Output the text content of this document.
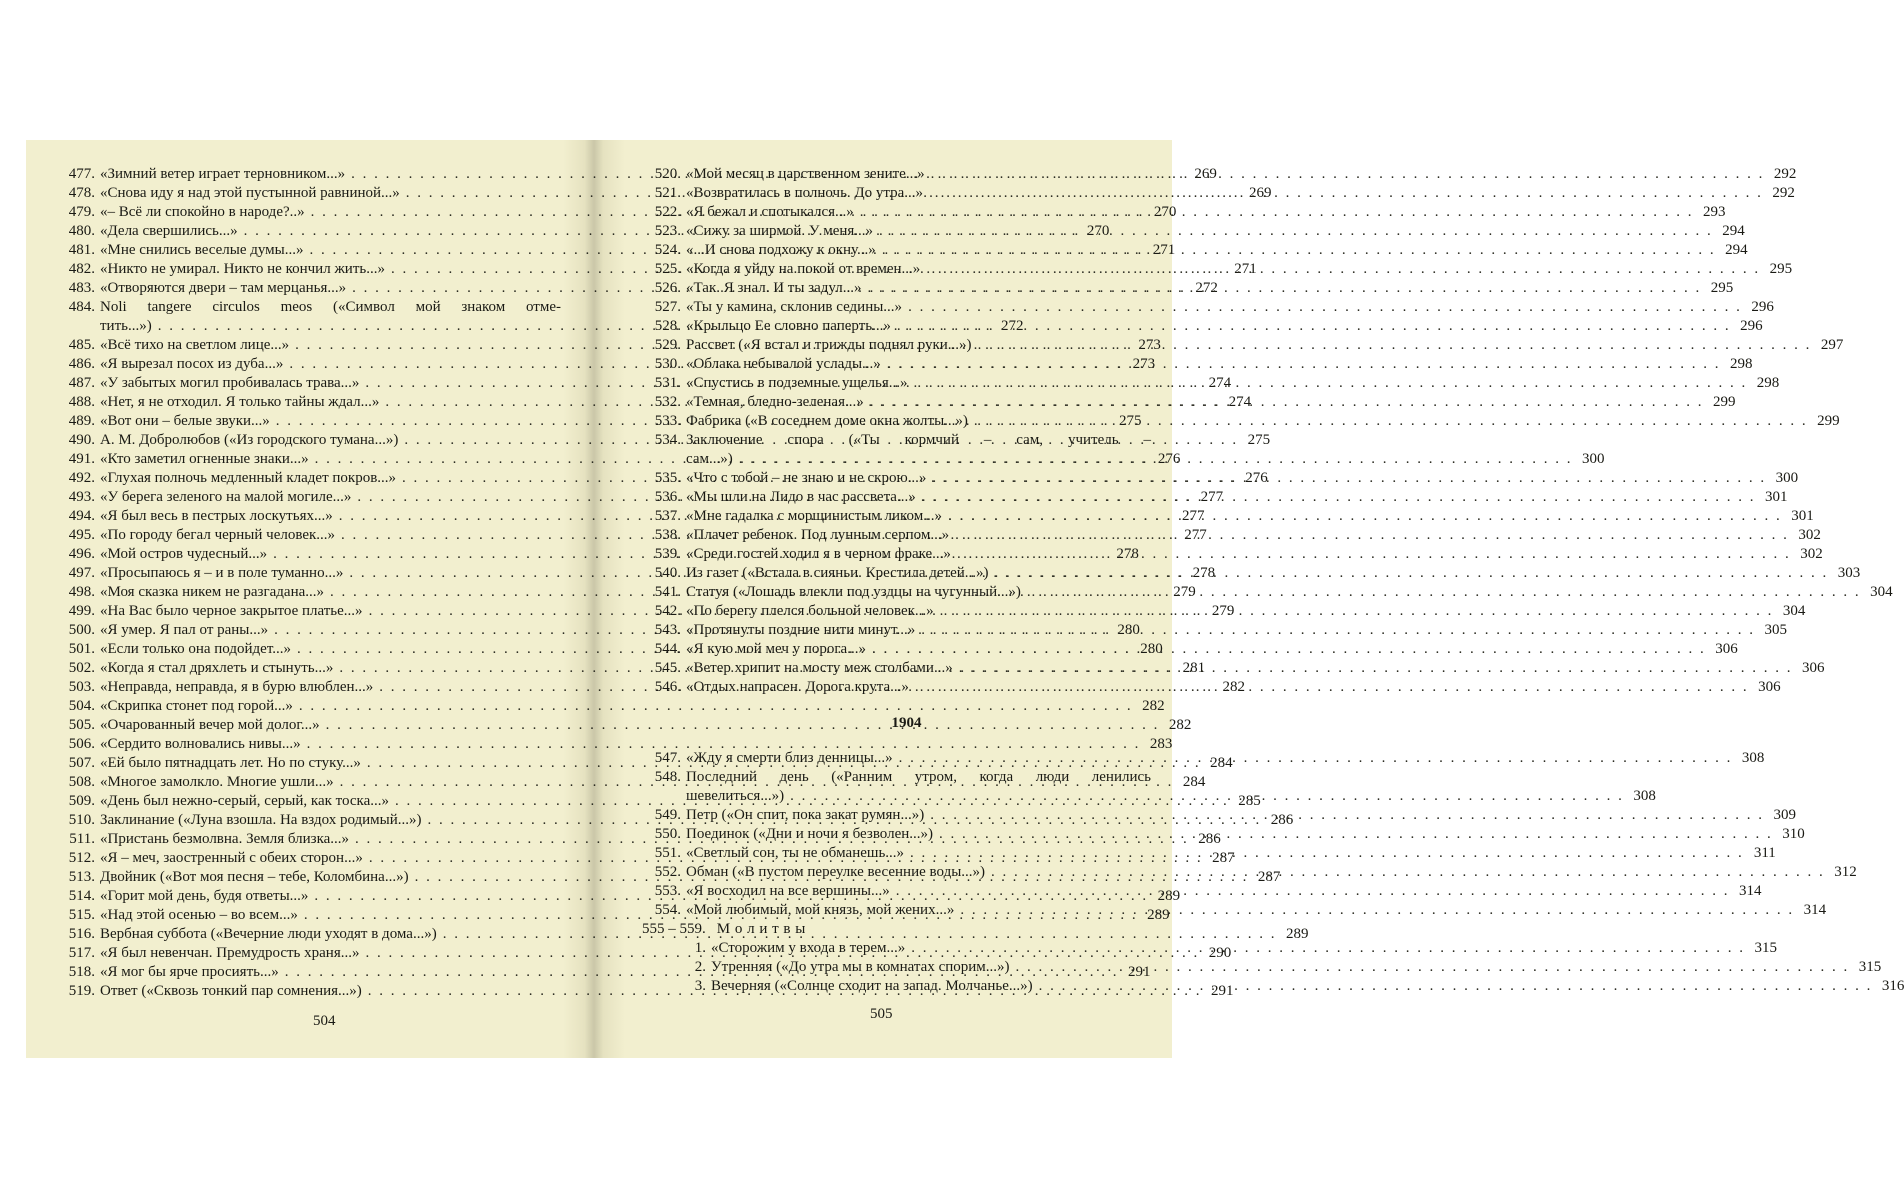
477. «Зимний ветер играет терновником...» . . .	269
478. «Снова иду я над этой пустынной равниной...» . . .	269
479. «– Всё ли спокойно в народе?..» . . .	270
480. «Дела свершились...» . . .	270
481. «Мне снились веселые думы...» . . .	271
482. «Никто не умирал. Никто не кончил жить...» . . .	271
483. «Отворяются двери – там мерцанья...» . . .	272
484. Noli tangere circulos meos («Символ мой знаком отме-
тить...») . . .	272
485. «Всё тихо на светлом лице...» . . .	273
486. «Я вырезал посох из дуба...» . . .	273
487. «У забытых могил пробивалась трава...» . . .	274
488. «Нет, я не отходил. Я только тайны ждал...» . . .	274
489. «Вот они – белые звуки...» . . .	275
490. А. М. Добролюбов («Из городского тумана...») . . .	275
491. «Кто заметил огненные знаки...» . . .	276
492. «Глухая полночь медленный кладет покров...» . . .	276
493. «У берега зеленого на малой могиле...» . . .	277
494. «Я был весь в пестрых лоскутьях...» . . .	277
495. «По городу бегал черный человек...» . . .	277
496. «Мой остров чудесный...» . . .	278
497. «Просыпаюсь я – и в поле туманно...» . . .	278
498. «Моя сказка никем не разгадана...» . . .	279
499. «На Вас было черное закрытое платье...» . . .	279
500. «Я умер. Я пал от раны...» . . .	280
501. «Если только она подойдет...» . . .	280
502. «Когда я стал дряхлеть и стынуть...» . . .	281
503. «Неправда, неправда, я в бурю влюблен...» . . .	282
504. «Скрипка стонет под горой...» . . .	282
505. «Очарованный вечер мой долог...» . . .	282
506. «Сердито волновались нивы...» . . .	283
507. «Ей было пятнадцать лет. Но по стуку...» . . .	284
508. «Многое замолкло. Многие ушли...» . . .	284
509. «День был нежно-серый, серый, как тоска...» . . .	285
510. Заклинание («Луна взошла. На вздох родимый...») . . .	286
511. «Пристань безмолвна. Земля близка...» . . .	286
512. «Я – меч, заостренный с обеих сторон...» . . .	287
513. Двойник («Вот моя песня – тебе, Коломбина...») . . .	287
514. «Горит мой день, будя ответы...» . . .	289
515. «Над этой осенью – во всем...» . . .	289
516. Вербная суббота («Вечерние люди уходят в дома...») . . .	289
517. «Я был невенчан. Премудрость храня...» . . .	290
518. «Я мог бы ярче просиять...» . . .	291
519. Ответ («Сквозь тонкий пар сомнения...») . . .	291
504
520. «Мой месяц в царственном зените...» . . .	292
521. «Возвратилась в полночь. До утра...» . . .	292
522. «Я бежал и спотыкался...» . . .	293
523. «Сижу за ширмой. У меня...» . . .	294
524. «...И снова подхожу к окну...» . . .	294
525. «Когда я уйду на покой от времен...» . . .	295
526. «Так. Я знал. И ты задул...» . . .	295
527. «Ты у камина, склонив седины...» . . .	296
528. «Крыльцо Ее словно паперть...» . . .	296
529. Рассвет («Я встал и трижды поднял руки...») . . .	297
530. «Облака небывалой услады...» . . .	298
531. «Спустись в подземные ущелья...» . . .	298
532. «Темная, бледно-зеленая...» . . .	299
533. Фабрика («В соседнем доме окна жолты...») . . .	299
534. Заключение спора («Ты кормчий – сам, учитель –
сам...») . . .	300
535. «Что с тобой – не знаю и не скрою...» . . .	300
536. «Мы шли на Лидо в час рассвета...» . . .	301
537. «Мне гадалка с морщинистым ликом...» . . .	301
538. «Плачет ребенок. Под лунным серпом...» . . .	302
539. «Среди гостей ходил я в черном фраке...» . . .	302
540. Из газет («Встала в сияньи. Крестила детей...») . . .	303
541. Статуя («Лошадь влекли под уздцы на чугунный...») . . .	304
542. «По берегу плелся больной человек...» . . .	304
543. «Протянуты поздние нити минут...» . . .	305
544. «Я кую мой меч у порога...» . . .	306
545. «Ветер хрипит на мосту меж столбами...» . . .	306
546. «Отдых напрасен. Дорога крута...» . . .	306
1904
547. «Жду я смерти близ денницы...» . . .	308
548. Последний день («Ранним утром, когда люди ленились
шевелиться...») . . .	308
549. Петр («Он спит, пока закат румян...») . . .	309
550. Поединок («Дни и ночи я безволен...») . . .	310
551. «Светлый сон, ты не обманешь...» . . .	311
552. Обман («В пустом переулке весенние воды...») . . .	312
553. «Я восходил на все вершины...» . . .	314
554. «Мой любимый, мой князь, мой жених...» . . .	314
555 – 559. М о л и т в ы
1. «Сторожим у входа в терем...» . . .	315
2. Утренняя («До утра мы в комнатах спорим...») . . .	315
3. Вечерняя («Солнце сходит на запад. Молчанье...») . . .	316
505
